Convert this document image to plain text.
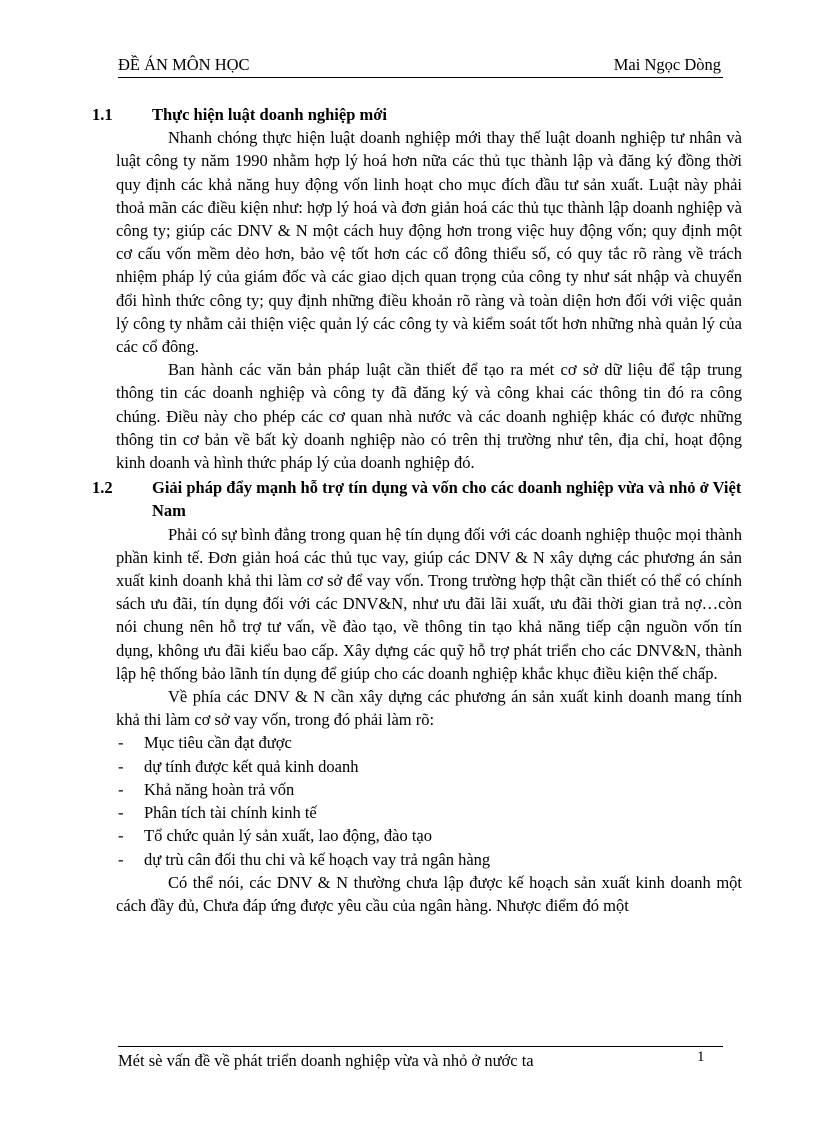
ĐỀ ÁN MÔN HỌC	Mai Ngọc Dòng
1.1	Thực hiện luật doanh nghiệp mới

Nhanh chóng thực hiện luật doanh nghiệp mới thay thế luật doanh nghiệp tư nhân và luật công ty năm 1990 nhằm hợp lý hoá hơn nữa các thủ tục thành lập và đăng ký đồng thời quy định các khả năng huy động vốn linh hoạt cho mục đích đầu tư sản xuất. Luật này phải thoả mãn các điều kiện như: hợp lý hoá và đơn giản hoá các thủ tục thành lập doanh nghiệp và công ty; giúp các DNV & N một cách huy động hơn trong việc huy động vốn; quy định một cơ cấu vốn mềm dẻo hơn, bảo vệ tốt hơn các cổ đông thiểu số, có quy tắc rõ ràng về trách nhiệm pháp lý của giám đốc và các giao dịch quan trọng của công ty như sát nhập và chuyển đổi hình thức công ty; quy định những điều khoản rõ ràng và toàn diện hơn đối với việc quản lý công ty nhằm cải thiện việc quản lý các công ty và kiểm soát tốt hơn những nhà quản lý của các cổ đông.

Ban hành các văn bản pháp luật cần thiết để tạo ra mét cơ sở dữ liệu để tập trung thông tin các doanh nghiệp và công ty đã đăng ký và công khai các thông tin đó ra công chúng. Điều này cho phép các cơ quan nhà nước và các doanh nghiệp khác có được những thông tin cơ bản về bất kỳ doanh nghiệp nào có trên thị trường như tên, địa chỉ, hoạt động kinh doanh và hình thức pháp lý của doanh nghiệp đó.

1.2	Giải pháp đẩy mạnh hỗ trợ tín dụng và vốn cho các doanh nghiệp vừa và nhỏ ở Việt Nam

Phải có sự bình đẳng trong quan hệ tín dụng đối với các doanh nghiệp thuộc mọi thành phần kinh tế. Đơn giản hoá các thủ tục vay, giúp các DNV & N xây dựng các phương án sản xuất kinh doanh khả thi làm cơ sở để vay vốn. Trong trường hợp thật cần thiết có thể có chính sách ưu đãi, tín dụng đối với các DNV&N, như ưu đãi lãi xuất, ưu đãi thời gian trả nợ…còn nói chung nên hỗ trợ tư vấn, về đào tạo, về thông tin tạo khả năng tiếp cận nguồn vốn tín dụng, không ưu đãi kiểu bao cấp. Xây dựng các quỹ hỗ trợ phát triển cho các DNV&N, thành lập hệ thống bảo lãnh tín dụng để giúp cho các doanh nghiệp khắc khục điều kiện thế chấp.

Về phía các DNV & N cần xây dựng các phương án sản xuất kinh doanh mang tính khả thi làm cơ sở vay vốn, trong đó phải làm rõ:

- Mục tiêu cần đạt được
- dự tính được kết quả kinh doanh
- Khả năng hoàn trả vốn
- Phân tích tài chính kinh tế
- Tổ chức quản lý sản xuất, lao động, đào tạo
- dự trù cân đối thu chi và kế hoạch vay trả ngân hàng

Có thể nói, các DNV & N thường chưa lập được kế hoạch sản xuất kinh doanh một cách đầy đủ, Chưa đáp ứng được yêu cầu của ngân hàng. Nhược điểm đó một

Mét sè vấn đề về phát triển doanh nghiệp vừa và nhỏ ở nước ta	1
